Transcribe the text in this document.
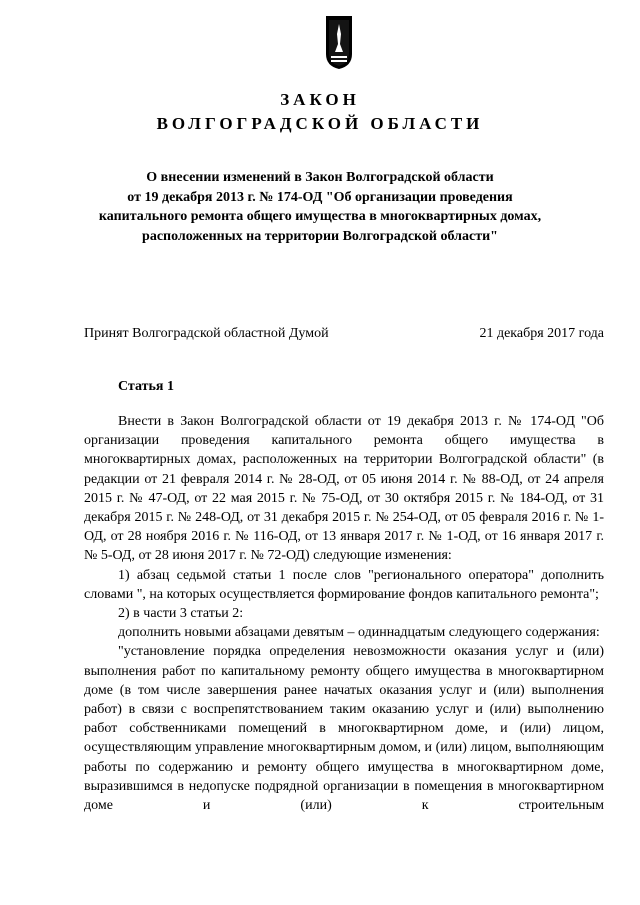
ЗАКОН
ВОЛГОГРАДСКОЙ ОБЛАСТИ
О внесении изменений в Закон Волгоградской области
от 19 декабря 2013 г. № 174-ОД "Об организации проведения
капитального ремонта общего имущества в многоквартирных домах,
расположенных на территории Волгоградской области"
Принят Волгоградской областной Думой	21 декабря 2017 года
Статья 1

Внести в Закон Волгоградской области от 19 декабря 2013 г. № 174-ОД "Об организации проведения капитального ремонта общего имущества в многоквартирных домах, расположенных на территории Волгоградской области" (в редакции от 21 февраля 2014 г. № 28-ОД, от 05 июня 2014 г. № 88-ОД, от 24 апреля 2015 г. № 47-ОД, от 22 мая 2015 г. № 75-ОД, от 30 октября 2015 г. № 184-ОД, от 31 декабря 2015 г. № 248-ОД, от 31 декабря 2015 г. № 254-ОД, от 05 февраля 2016 г. № 1-ОД, от 28 ноября 2016 г. № 116-ОД, от 13 января 2017 г. № 1-ОД, от 16 января 2017 г. № 5-ОД, от 28 июня 2017 г. № 72-ОД) следующие изменения:

1) абзац седьмой статьи 1 после слов "регионального оператора" дополнить словами ", на которых осуществляется формирование фондов капитального ремонта";

2) в части 3 статьи 2:

дополнить новыми абзацами девятым – одиннадцатым следующего содержания:

"установление порядка определения невозможности оказания услуг и (или) выполнения работ по капитальному ремонту общего имущества в многоквартирном доме (в том числе завершения ранее начатых оказания услуг и (или) выполнения работ) в связи с воспрепятствованием таким оказанию услуг и (или) выполнению работ собственниками помещений в многоквартирном доме, и (или) лицом, осуществляющим управление многоквартирным домом, и (или) лицом, выполняющим работы по содержанию и ремонту общего имущества в многоквартирном доме, выразившимся в недопуске подрядной организации в помещения в многоквартирном доме и (или) к строительным
